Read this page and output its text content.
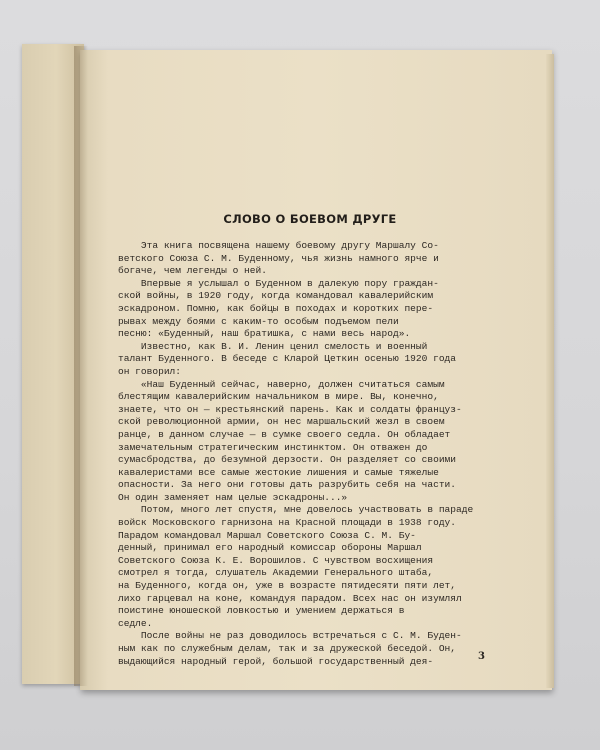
СЛОВО О БОЕВОМ ДРУГЕ
Эта книга посвящена нашему боевому другу Маршалу Со-
ветского Союза С. М. Буденному, чья жизнь намного ярче и
богаче, чем легенды о ней.
Впервые я услышал о Буденном в далекую пору граждан-
ской войны, в 1920 году, когда командовал кавалерийским
эскадроном. Помню, как бойцы в походах и коротких пере-
рывах между боями с каким-то особым подъемом пели
песню: «Буденный, наш братишка, с нами весь народ».
Известно, как В. И. Ленин ценил смелость и военный
талант Буденного. В беседе с Кларой Цеткин осенью 1920 года
он говорил:
«Наш Буденный сейчас, наверно, должен считаться самым
блестящим кавалерийским начальником в мире. Вы, конечно,
знаете, что он — крестьянский парень. Как и солдаты француз-
ской революционной армии, он нес маршальский жезл в своем
ранце, в данном случае — в сумке своего седла. Он обладает
замечательным стратегическим инстинктом. Он отважен до
сумасбродства, до безумной дерзости. Он разделяет со своими
кавалеристами все самые жестокие лишения и самые тяжелые
опасности. За него они готовы дать разрубить себя на части.
Он один заменяет нам целые эскадроны...»
Потом, много лет спустя, мне довелось участвовать в параде
войск Московского гарнизона на Красной площади в 1938 году.
Парадом командовал Маршал Советского Союза С. М. Бу-
денный, принимал его народный комиссар обороны Маршал
Советского Союза К. Е. Ворошилов. С чувством восхищения
смотрел я тогда, слушатель Академии Генерального штаба,
на Буденного, когда он, уже в возрасте пятидесяти пяти лет,
лихо гарцевал на коне, командуя парадом. Всех нас он изумлял
поистине юношеской ловкостью и умением держаться в
седле.
После войны не раз доводилось встречаться с С. М. Буден-
ным как по служебным делам, так и за дружеской беседой. Он,
выдающийся народный герой, большой государственный дея-	3
